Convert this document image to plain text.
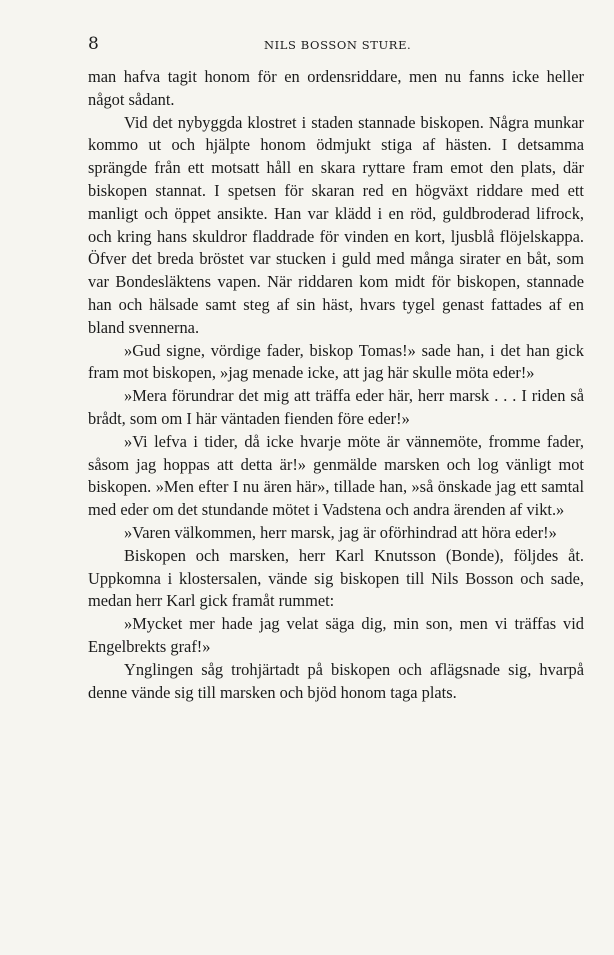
8	NILS BOSSON STURE.

man hafva tagit honom för en ordensriddare, men nu fanns icke heller något sådant.

Vid det nybyggda klostret i staden stannade biskopen. Några munkar kommo ut och hjälpte honom ödmjukt stiga af hästen. I detsamma sprängde från ett motsatt håll en skara ryttare fram emot den plats, där biskopen stannat. I spetsen för skaran red en högväxt riddare med ett manligt och öppet ansikte. Han var klädd i en röd, guldbroderad lifrock, och kring hans skuldror fladdrade för vinden en kort, ljusblå flöjelskappa. Öfver det breda bröstet var stucken i guld med många sirater en båt, som var Bondesläktens vapen. När riddaren kom midt för biskopen, stannade han och hälsade samt steg af sin häst, hvars tygel genast fattades af en bland svennerna.

»Gud signe, vördige fader, biskop Tomas!» sade han, i det han gick fram mot biskopen, »jag menade icke, att jag här skulle möta eder!»

»Mera förundrar det mig att träffa eder här, herr marsk . . . I riden så brådt, som om I här väntaden fienden före eder!»

»Vi lefva i tider, då icke hvarje möte är vännemöte, fromme fader, såsom jag hoppas att detta är!» genmälde marsken och log vänligt mot biskopen. »Men efter I nu ären här», tillade han, »så önskade jag ett samtal med eder om det stundande mötet i Vadstena och andra ärenden af vikt.»

»Varen välkommen, herr marsk, jag är oförhindrad att höra eder!»

Biskopen och marsken, herr Karl Knutsson (Bonde), följdes åt. Uppkomna i klostersalen, vände sig biskopen till Nils Bosson och sade, medan herr Karl gick framåt rummet:

»Mycket mer hade jag velat säga dig, min son, men vi träffas vid Engelbrekts graf!»

Ynglingen såg trohjärtadt på biskopen och aflägsnade sig, hvarpå denne vände sig till marsken och bjöd honom taga plats.
